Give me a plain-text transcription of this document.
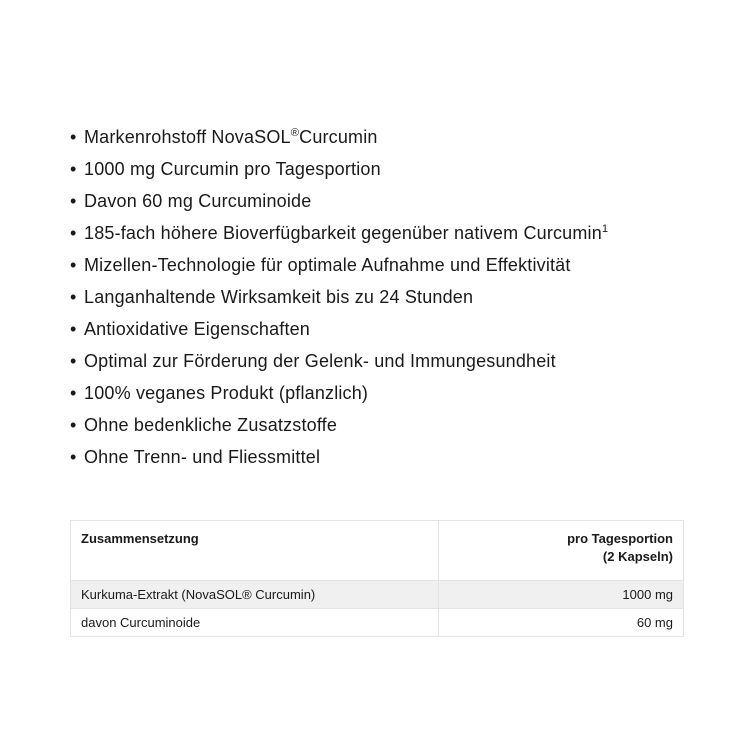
• Markenrohstoff NovaSOL®Curcumin
• 1000 mg Curcumin pro Tagesportion
• Davon 60 mg Curcuminoide
• 185-fach höhere Bioverfügbarkeit gegenüber nativem Curcumin$^1$
• Mizellen-Technologie für optimale Aufnahme und Effektivität
• Langanhaltende Wirksamkeit bis zu 24 Stunden
• Antioxidative Eigenschaften
• Optimal zur Förderung der Gelenk- und Immungesundheit
• 100% veganes Produkt (pflanzlich)
• Ohne bedenkliche Zusatzstoffe
• Ohne Trenn- und Fliessmittel
Zusammensetzung	pro Tagesportion
(2 Kapseln)

Kurkuma-Extrakt (NovaSOL® Curcumin)	1000 mg
davon Curcuminoide	60 mg
